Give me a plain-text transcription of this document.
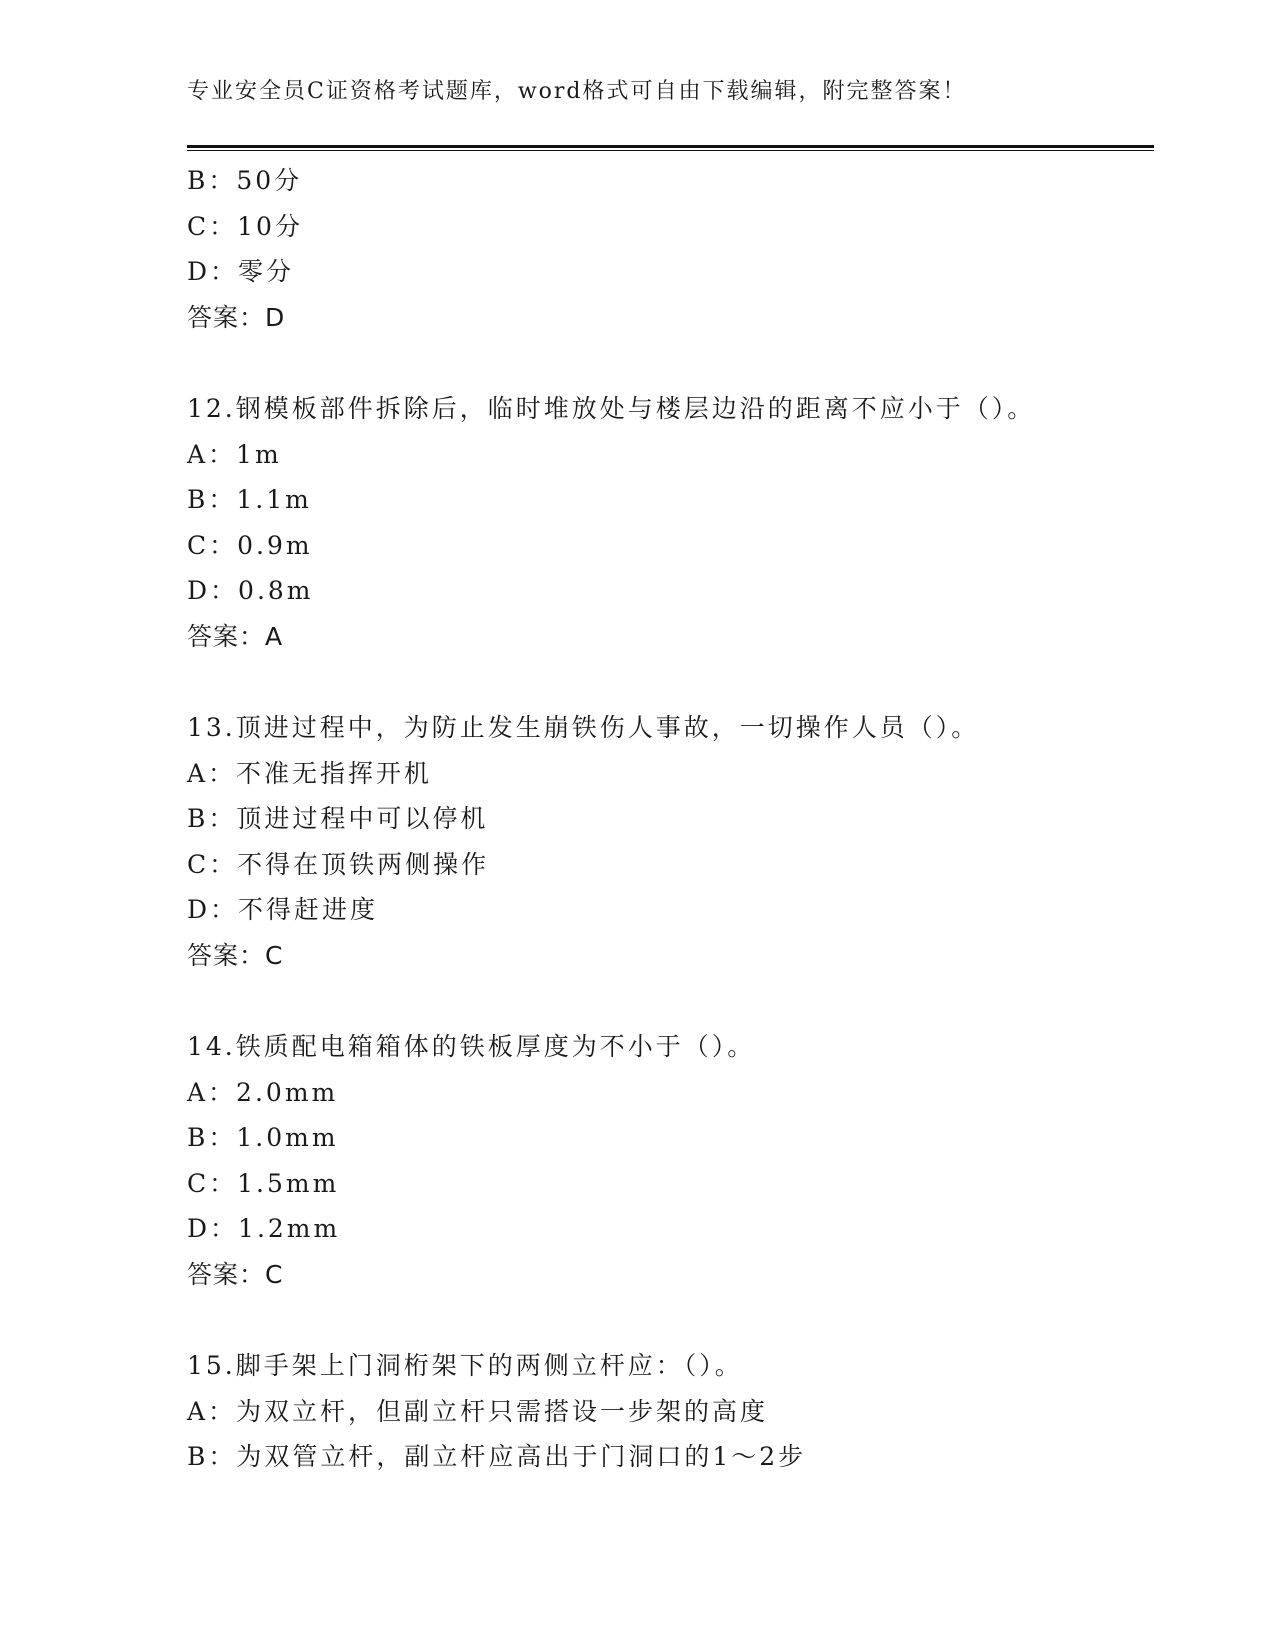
专业安全员C证资格考试题库，word格式可自由下载编辑，附完整答案！
B：50分
C：10分
D：零分
答案：D
12.钢模板部件拆除后，临时堆放处与楼层边沿的距离不应小于（）。
A：1m
B：1.1m
C：0.9m
D：0.8m
答案：A
13.顶进过程中，为防止发生崩铁伤人事故，一切操作人员（）。
A：不准无指挥开机
B：顶进过程中可以停机
C：不得在顶铁两侧操作
D：不得赶进度
答案：C
14.铁质配电箱箱体的铁板厚度为不小于（）。
A：2.0mm
B：1.0mm
C：1.5mm
D：1.2mm
答案：C
15.脚手架上门洞桁架下的两侧立杆应：（）。
A：为双立杆，但副立杆只需搭设一步架的高度
B：为双管立杆，副立杆应高出于门洞口的1～2步
